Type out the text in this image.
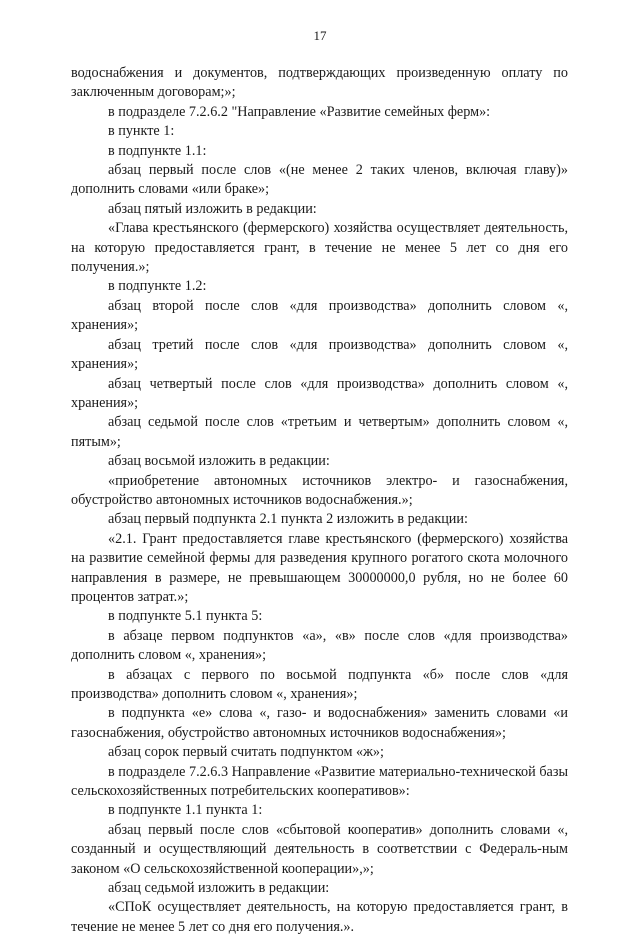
17

водоснабжения и документов, подтверждающих произведенную оплату по заключенным договорам;»;

в подразделе 7.2.6.2 "Направление «Развитие семейных ферм»:

в пункте 1:

в подпункте 1.1:

абзац первый после слов «(не менее 2 таких членов, включая главу)» дополнить словами «или браке»;

абзац пятый изложить в редакции:

«Глава крестьянского (фермерского) хозяйства осуществляет деятельность, на которую предоставляется грант, в течение не менее 5 лет со дня его получения.»;

в подпункте 1.2:

абзац второй после слов «для производства» дополнить словом «, хранения»;

абзац третий после слов «для производства» дополнить словом «, хранения»;

абзац четвертый после слов «для производства» дополнить словом «, хранения»;

абзац седьмой после слов «третьим и четвертым» дополнить словом «, пятым»;

абзац восьмой изложить в редакции:

«приобретение автономных источников электро- и газоснабжения, обустройство автономных источников водоснабжения.»;

абзац первый подпункта 2.1 пункта 2 изложить в редакции:

«2.1. Грант предоставляется главе крестьянского (фермерского) хозяйства на развитие семейной фермы для разведения крупного рогатого скота молочного направления в размере, не превышающем 30000000,0 рубля, но не более 60 процентов затрат.»;

в подпункте 5.1 пункта 5:

в абзаце первом подпунктов «а», «в» после слов «для производства» дополнить словом «, хранения»;

в абзацах с первого по восьмой подпункта «б» после слов «для производства» дополнить словом «, хранения»;

в подпункта «е» слова «, газо- и водоснабжения» заменить словами «и газоснабжения, обустройство автономных источников водоснабжения»;

абзац сорок первый считать подпунктом «ж»;

в подразделе 7.2.6.3 Направление «Развитие материально-технической базы сельскохозяйственных потребительских кооперативов»:

в подпункте 1.1 пункта 1:

абзац первый после слов «сбытовой кооператив» дополнить словами «, созданный и осуществляющий деятельность в соответствии с Федераль-ным законом «О сельскохозяйственной кооперации»,»;

абзац седьмой изложить в редакции:

«СПоК осуществляет деятельность, на которую предоставляется грант, в течение не менее 5 лет со дня его получения.».
